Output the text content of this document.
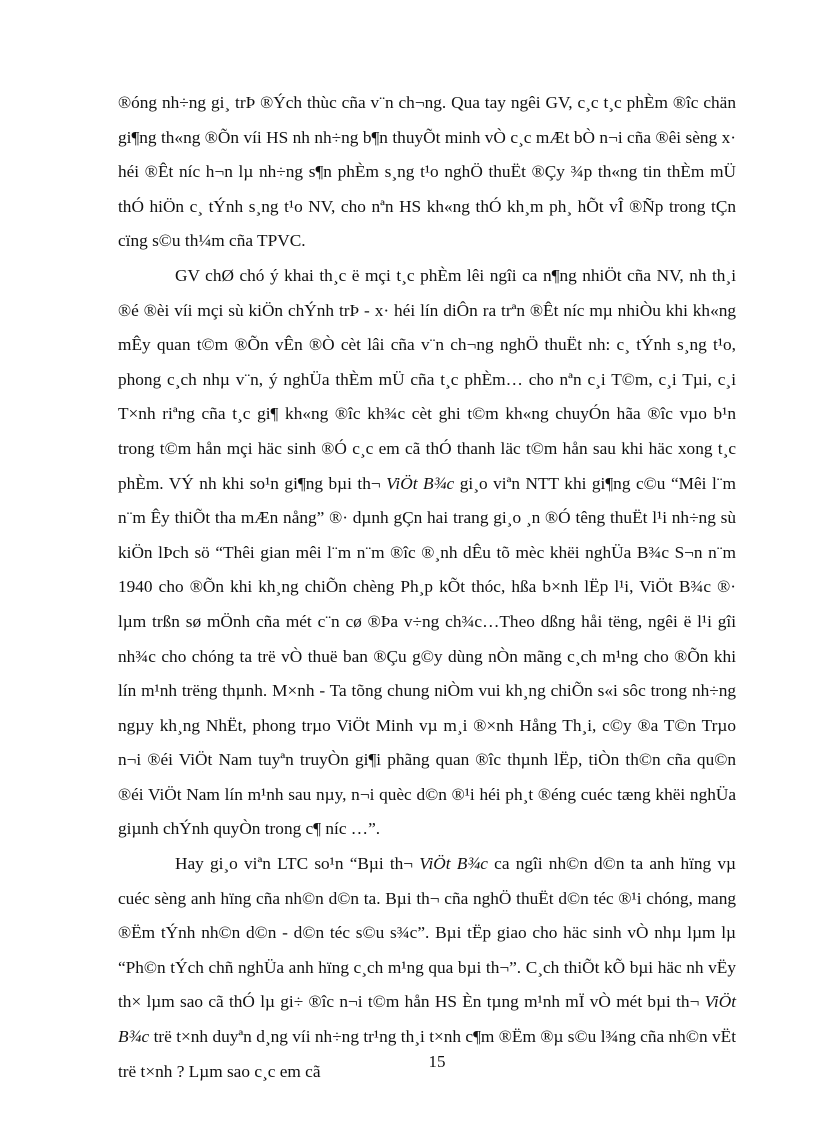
®óng nh÷ng gi¸ trÞ ®Ých thùc cña v¨n ch¬ng. Qua tay ngêi GV, c¸c t¸c phÈm ®îc chän gi¶ng th«ng ®Õn víi HS nh nh÷ng b¶n thuyÕt minh vÒ c¸c mÆt bÒ n¬i cña ®êi sèng x· héi ®Êt níc h¬n lµ nh÷ng s¶n phÈm s¸ng t¹o nghÖ thuËt ®Çy ¾p th«ng tin thÈm mÜ thÓ hiÖn c¸ tÝnh s¸ng t¹o NV, cho nªn HS kh«ng thÓ kh¸m ph¸ hÕt vÎ ®Ñp trong tÇn cïng s©u th¼m cña TPVC.

GV chØ chó ý khai th¸c ë mçi t¸c phÈm lêi ngîi ca n¶ng nhiÖt cña NV, nh th¸i ®é ®èi víi mçi sù kiÖn chÝnh trÞ - x· héi lín diÔn ra trªn ®Êt níc mµ nhiÒu khi kh«ng mÊy quan t©m ®Õn vÊn ®Ò cèt lâi cña v¨n ch¬ng nghÖ thuËt nh: c¸ tÝnh s¸ng t¹o, phong c¸ch nhµ v¨n, ý nghÜa thÈm mÜ cña t¸c phÈm… cho nªn c¸i T©m, c¸i Tµi, c¸i T×nh riªng cña t¸c gi¶ kh«ng ®îc kh¾c cèt ghi t©m kh«ng chuyÓn hãa ®îc vµo b¹n trong t©m hån mçi häc sinh ®Ó c¸c em cã thÓ thanh läc t©m hån sau khi häc xong t¸c phÈm. VÝ nh khi so¹n gi¶ng bµi th¬ ViÖt B¾c gi¸o viªn NTT khi gi¶ng c©u “Mêi l¨m n¨m Êy thiÕt tha mÆn nång” ®· dµnh gÇn hai trang gi¸o ¸n ®Ó têng thuËt l¹i nh÷ng sù kiÖn lÞch sö “Thêi gian mêi l¨m n¨m ®îc ®¸nh dÊu tõ mèc khëi nghÜa B¾c S¬n n¨m 1940 cho ®Õn khi kh¸ng chiÕn chèng Ph¸p kÕt thóc, hßa b×nh lËp l¹i, ViÖt B¾c ®· lµm trßn sø mÖnh cña mét c¨n cø ®Þa v÷ng ch¾c…Theo dßng håi tëng, ngêi ë l¹i gîi nh¾c cho chóng ta trë vÒ thuë ban ®Çu g©y dùng nÒn mãng c¸ch m¹ng cho ®Õn khi lín m¹nh trëng thµnh. M×nh - Ta tõng chung niÒm vui kh¸ng chiÕn s«i sôc trong nh÷ng ngµy kh¸ng NhËt, phong trµo ViÖt Minh vµ m¸i ®×nh Hång Th¸i, c©y ®a T©n Trµo n¬i ®éi ViÖt Nam tuyªn truyÒn gi¶i phãng quan ®îc thµnh lËp, tiÒn th©n cña qu©n ®éi ViÖt Nam lín m¹nh sau nµy, n¬i quèc d©n ®¹i héi ph¸t ®éng cuéc tæng khëi nghÜa giµnh chÝnh quyÒn trong c¶ níc …”.

Hay gi¸o viªn LTC so¹n “Bµi th¬ ViÖt B¾c ca ngîi nh©n d©n ta anh hïng vµ cuéc sèng anh hïng cña nh©n d©n ta. Bµi th¬ cña nghÖ thuËt d©n téc ®¹i chóng, mang ®Ëm tÝnh nh©n d©n - d©n téc s©u s¾c”. Bµi tËp giao cho häc sinh vÒ nhµ lµm lµ “Ph©n tÝch chñ nghÜa anh hïng c¸ch m¹ng qua bµi th¬”. C¸ch thiÕt kÕ bµi häc nh vËy th× lµm sao cã thÓ lµ gi÷ ®îc n¬i t©m hån HS Èn tµng m¹nh mÏ vÒ mét bµi th¬ ViÖt B¾c trë t×nh duyªn d¸ng víi nh÷ng tr¹ng th¸i t×nh c¶m ®Ëm ®µ s©u l¾ng cña nh©n vËt trë t×nh ? Lµm sao c¸c em cã

15
